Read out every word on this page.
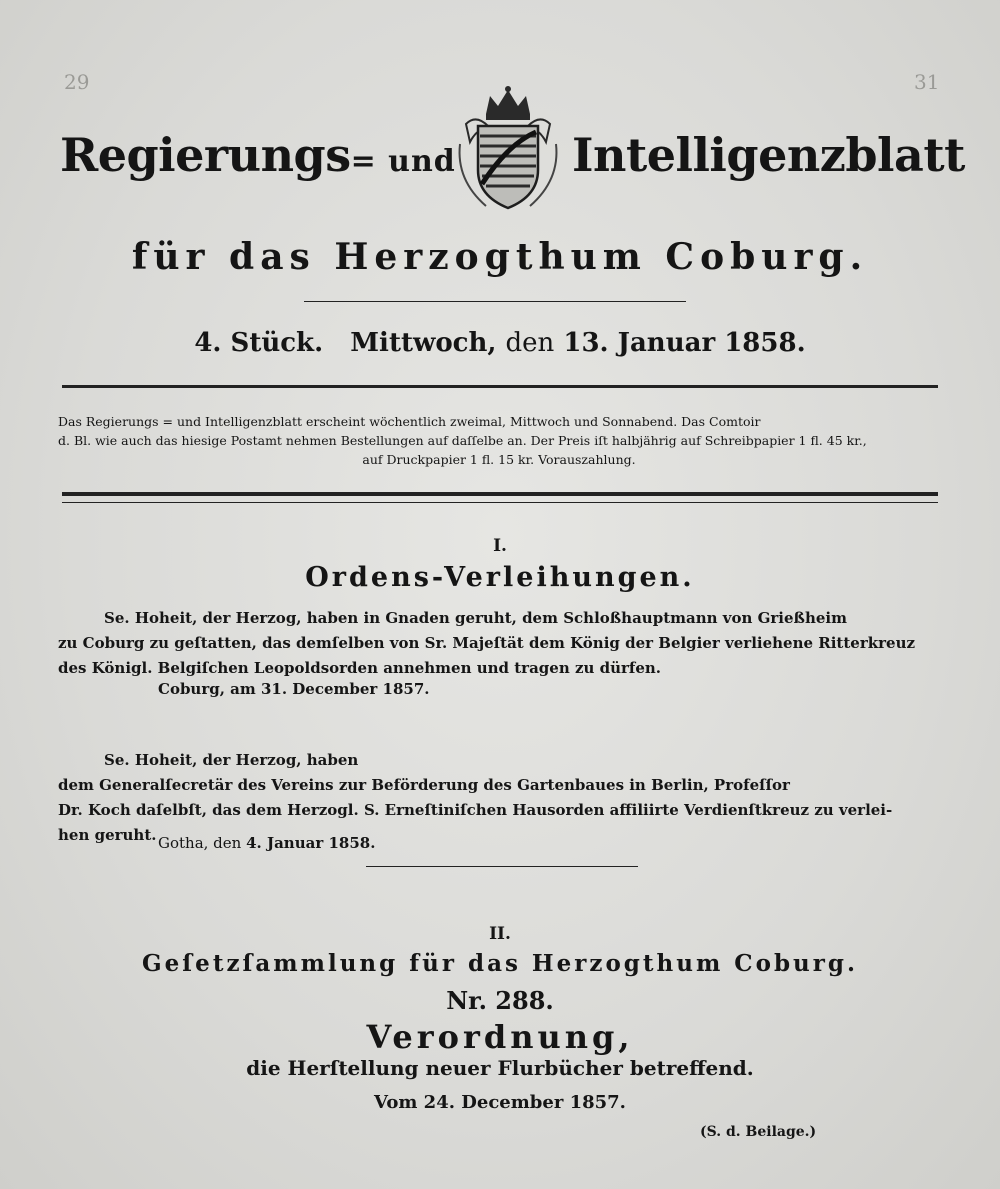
29	31
Regierungs= und	Intelligenzblatt
für das Herzogthum Coburg.
4. Stück. Mittwoch, den 13. Januar 1858.
Das Regierungs = und Intelligenzblatt erscheint wöchentlich zweimal, Mittwoch und Sonnabend. Das Comtoir
d. Bl. wie auch das hiesige Postamt nehmen Bestellungen auf daſſelbe an. Der Preis iſt halbjährig auf Schreibpapier 1 fl. 45 kr.,
auf Druckpapier 1 fl. 15 kr. Vorauszahlung.
I.
Ordens-Verleihungen.
Se. Hoheit, der Herzog, haben in Gnaden geruht, dem Schloßhauptmann von Grießheim
zu Coburg zu geſtatten, das demſelben von Sr. Majeſtät dem König der Belgier verliehene Ritterkreuz
des Königl. Belgiſchen Leopoldsorden annehmen und tragen zu dürfen.
Coburg, am 31. December 1857.
Se. Hoheit, der Herzog, haben
dem Generalſecretär des Vereins zur Beförderung des Gartenbaues in Berlin, Profeſſor
Dr. Koch daſelbſt, das dem Herzogl. S. Erneſtiniſchen Hausorden affiliirte Verdienſtkreuz zu verlei-
hen geruht. Gotha, den 4. Januar 1858.
II.
Geſetzſammlung für das Herzogthum Coburg.
Nr. 288.
Verordnung,
die Herſtellung neuer Flurbücher betreffend.
Vom 24. December 1857.
(S. d. Beilage.)
